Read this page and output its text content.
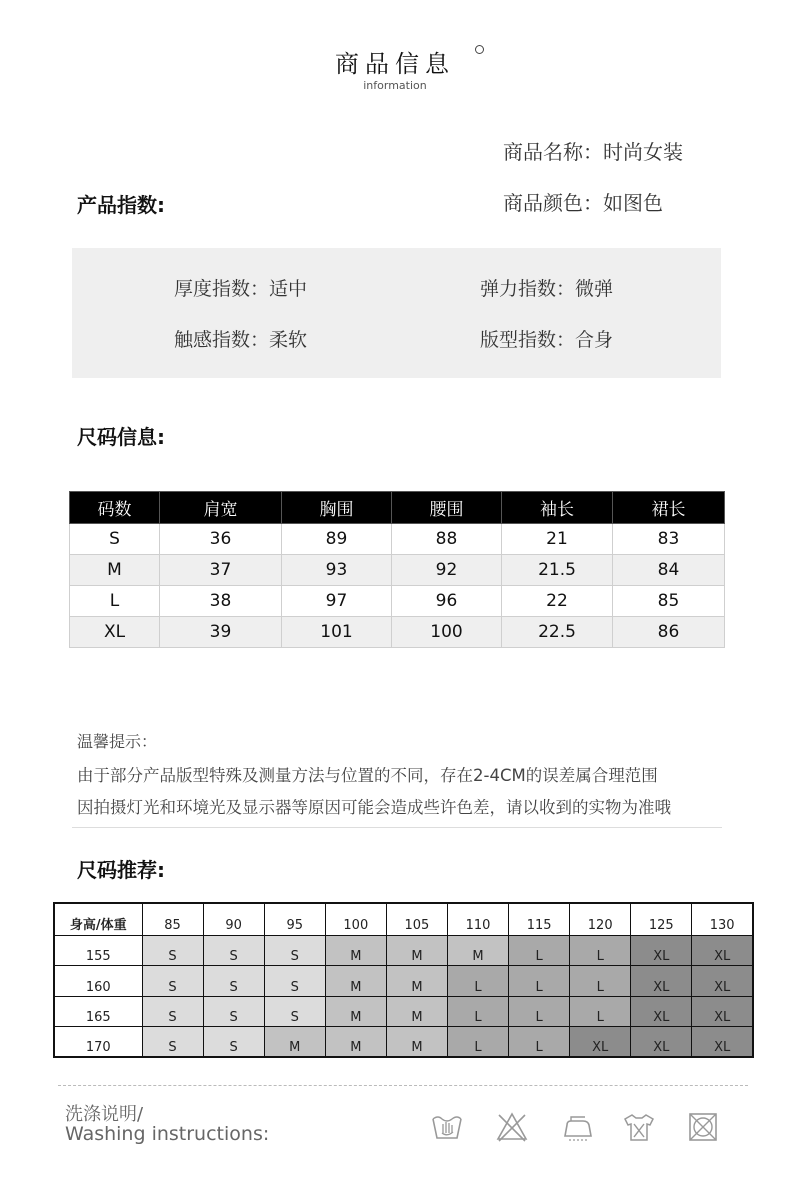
商品信息
information
商品名称：时尚女装
产品指数:	商品颜色：如图色
厚度指数：适中	弹力指数：微弹
触感指数：柔软	版型指数：合身
尺码信息:
码数	肩宽	胸围	腰围	袖长	裙长
S	36	89	88	21	83
M	37	93	92	21.5	84
L	38	97	96	22	85
XL	39	101	100	22.5	86
温馨提示：
由于部分产品版型特殊及测量方法与位置的不同，存在2-4CM的误差属合理范围
因拍摄灯光和环境光及显示器等原因可能会造成些许色差，请以收到的实物为准哦
尺码推荐:
身高/体重	85	90	95	100	105	110	115	120	125	130
155	S	S	S	M	M	M	L	L	XL	XL
160	S	S	S	M	M	L	L	L	XL	XL
165	S	S	S	M	M	L	L	L	XL	XL
170	S	S	M	M	M	L	L	XL	XL	XL
洗涤说明/
Washing instructions:
